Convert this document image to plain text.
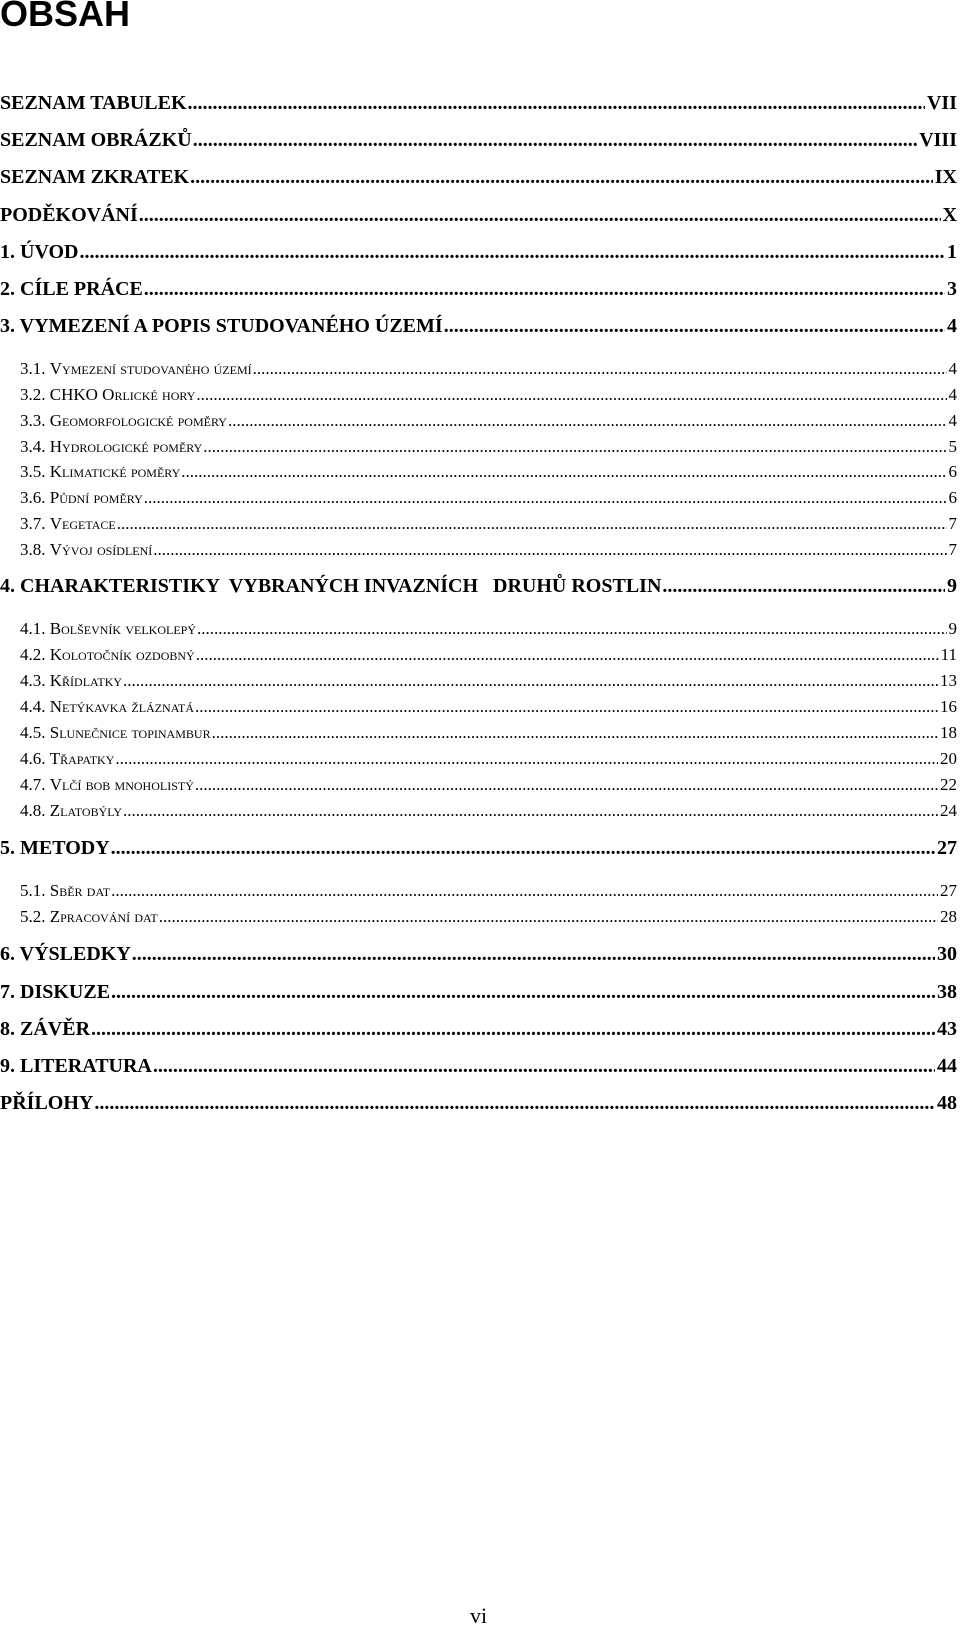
OBSAH
SEZNAM TABULEK .....	VII
SEZNAM OBRÁZKŮ .....	VIII
SEZNAM ZKRATEK .....	IX
PODĚKOVÁNÍ .....	X
1. ÚVOD .....	1
2. CÍLE PRÁCE .....	3
3. VYMEZENÍ A POPIS STUDOVANÉHO ÚZEMÍ .....	4
3.1. Vymezení studovaného území .....	4
3.2. CHKO Orlické hory .....	4
3.3. Geomorfologické poměry .....	4
3.4. Hydrologické poměry .....	5
3.5. Klimatické poměry .....	6
3.6. Půdní poměry .....	6
3.7. Vegetace .....	7
3.8. Vývoj osídlení .....	7
4. CHARAKTERISTIKY  VYBRANÝCH INVAZNÍCH   DRUHŮ ROSTLIN .....	9
4.1. Bolševník velkolepý .....	9
4.2. Kolotočník ozdobný .....	11
4.3. Křídlatky .....	13
4.4. Netýkavka žláznatá .....	16
4.5. Slunečnice topinambur .....	18
4.6. Třapatky .....	20
4.7. Vlčí bob mnoholistý .....	22
4.8. Zlatobýly .....	24
5. METODY .....	27
5.1. Sběr dat .....	27
5.2. Zpracování dat .....	28
6. VÝSLEDKY .....	30
7. DISKUZE .....	38
8. ZÁVĚR .....	43
9. LITERATURA .....	44
PŘÍLOHY .....	48
vi
